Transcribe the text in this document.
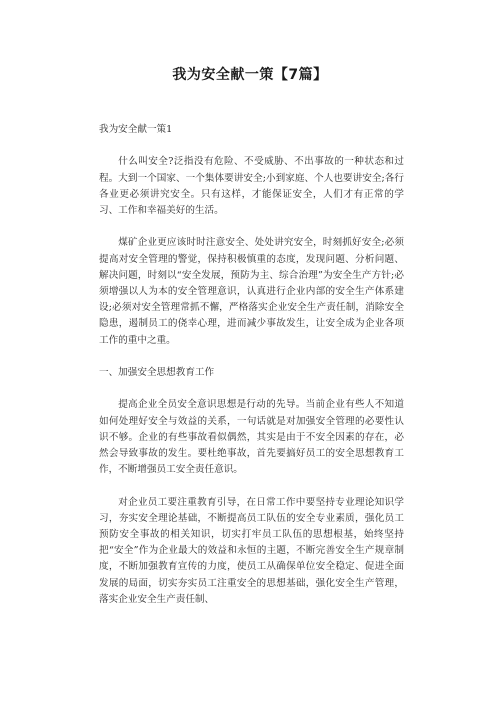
我为安全献一策【7篇】

我为安全献一策1

什么叫安全?泛指没有危险、不受威胁、不出事故的一种状态和过程。大到一个国家、一个集体要讲安全;小到家庭、个人也要讲安全;各行各业更必须讲究安全。只有这样，才能保证安全，人们才有正常的学习、工作和幸福美好的生活。

煤矿企业更应该时时注意安全、处处讲究安全，时刻抓好安全;必须提高对安全管理的警觉，保持积极慎重的态度，发现问题、分析问题、解决问题，时刻以“安全发展，预防为主、综合治理”为安全生产方针;必须增强以人为本的安全管理意识，认真进行企业内部的安全生产体系建设;必须对安全管理常抓不懈，严格落实企业安全生产责任制，消除安全隐患，遏制员工的侥幸心理，进而减少事故发生，让安全成为企业各项工作的重中之重。

一、加强安全思想教育工作

提高企业全员安全意识思想是行动的先导。当前企业有些人不知道如何处理好安全与效益的关系，一句话就是对加强安全管理的必要性认识不够。企业的有些事故看似偶然，其实是由于不安全因素的存在，必然会导致事故的发生。要杜绝事故，首先要搞好员工的安全思想教育工作，不断增强员工安全责任意识。

对企业员工要注重教育引导，在日常工作中要坚持专业理论知识学习，夯实安全理论基础，不断提高员工队伍的安全专业素质，强化员工预防安全事故的相关知识，切实打牢员工队伍的思想根基，始终坚持把“安全”作为企业最大的效益和永恒的主题，不断完善安全生产规章制度，不断加强教育宣传的力度，使员工从确保单位安全稳定、促进全面发展的局面，切实夯实员工注重安全的思想基础，强化安全生产管理，落实企业安全生产责任制、
